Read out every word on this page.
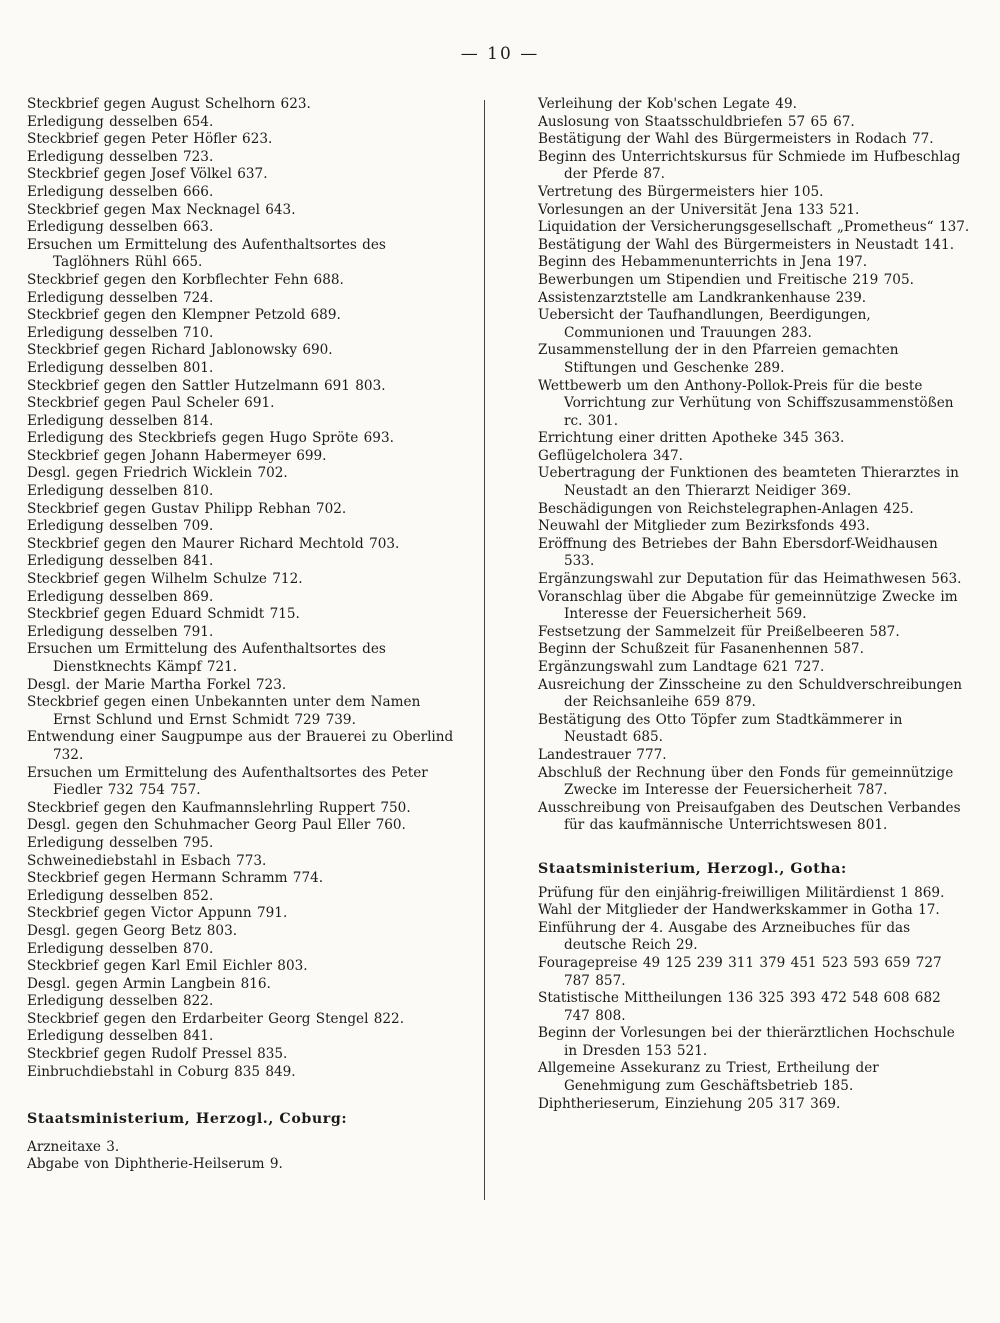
— 10 —
Steckbrief gegen August Schelhorn 623.
Erledigung desselben 654.
Steckbrief gegen Peter Höfler 623.
Erledigung desselben 723.
Steckbrief gegen Josef Völkel 637.
Erledigung desselben 666.
Steckbrief gegen Max Necknagel 643.
Erledigung desselben 663.
Ersuchen um Ermittelung des Aufenthaltsortes des Taglöhners Rühl 665.
Steckbrief gegen den Korbflechter Fehn 688.
Erledigung desselben 724.
Steckbrief gegen den Klempner Petzold 689.
Erledigung desselben 710.
Steckbrief gegen Richard Jablonowsky 690.
Erledigung desselben 801.
Steckbrief gegen den Sattler Hutzelmann 691 803.
Steckbrief gegen Paul Scheler 691.
Erledigung desselben 814.
Erledigung des Steckbriefs gegen Hugo Spröte 693.
Steckbrief gegen Johann Habermeyer 699.
Desgl. gegen Friedrich Wicklein 702.
Erledigung desselben 810.
Steckbrief gegen Gustav Philipp Rebhan 702.
Erledigung desselben 709.
Steckbrief gegen den Maurer Richard Mechtold 703.
Erledigung desselben 841.
Steckbrief gegen Wilhelm Schulze 712.
Erledigung desselben 869.
Steckbrief gegen Eduard Schmidt 715.
Erledigung desselben 791.
Ersuchen um Ermittelung des Aufenthaltsortes des Dienstknechts Kämpf 721.
Desgl. der Marie Martha Forkel 723.
Steckbrief gegen einen Unbekannten unter dem Namen Ernst Schlund und Ernst Schmidt 729 739.
Entwendung einer Saugpumpe aus der Brauerei zu Oberlind 732.
Ersuchen um Ermittelung des Aufenthaltsortes des Peter Fiedler 732 754 757.
Steckbrief gegen den Kaufmannslehrling Ruppert 750.
Desgl. gegen den Schuhmacher Georg Paul Eller 760.
Erledigung desselben 795.
Schweinediebstahl in Esbach 773.
Steckbrief gegen Hermann Schramm 774.
Erledigung desselben 852.
Steckbrief gegen Victor Appunn 791.
Desgl. gegen Georg Betz 803.
Erledigung desselben 870.
Steckbrief gegen Karl Emil Eichler 803.
Desgl. gegen Armin Langbein 816.
Erledigung desselben 822.
Steckbrief gegen den Erdarbeiter Georg Stengel 822.
Erledigung desselben 841.
Steckbrief gegen Rudolf Pressel 835.
Einbruchdiebstahl in Coburg 835 849.
Staatsministerium, Herzogl., Coburg:
Arzneitaxe 3.
Abgabe von Diphtherie-Heilserum 9.
Verleihung der Kob'schen Legate 49.
Auslosung von Staatsschuldbriefen 57 65 67.
Bestätigung der Wahl des Bürgermeisters in Rodach 77.
Beginn des Unterrichtskursus für Schmiede im Hufbeschlag der Pferde 87.
Vertretung des Bürgermeisters hier 105.
Vorlesungen an der Universität Jena 133 521.
Liquidation der Versicherungsgesellschaft „Prometheus“ 137.
Bestätigung der Wahl des Bürgermeisters in Neustadt 141.
Beginn des Hebammenunterrichts in Jena 197.
Bewerbungen um Stipendien und Freitische 219 705.
Assistenzarztstelle am Landkrankenhause 239.
Uebersicht der Taufhandlungen, Beerdigungen, Communionen und Trauungen 283.
Zusammenstellung der in den Pfarreien gemachten Stiftungen und Geschenke 289.
Wettbewerb um den Anthony-Pollok-Preis für die beste Vorrichtung zur Verhütung von Schiffszusammenstößen rc. 301.
Errichtung einer dritten Apotheke 345 363.
Geflügelcholera 347.
Uebertragung der Funktionen des beamteten Thierarztes in Neustadt an den Thierarzt Neidiger 369.
Beschädigungen von Reichstelegraphen-Anlagen 425.
Neuwahl der Mitglieder zum Bezirksfonds 493.
Eröffnung des Betriebes der Bahn Ebersdorf-Weidhausen 533.
Ergänzungswahl zur Deputation für das Heimathwesen 563.
Voranschlag über die Abgabe für gemeinnützige Zwecke im Interesse der Feuersicherheit 569.
Festsetzung der Sammelzeit für Preißelbeeren 587.
Beginn der Schußzeit für Fasanenhennen 587.
Ergänzungswahl zum Landtage 621 727.
Ausreichung der Zinsscheine zu den Schuldverschreibungen der Reichsanleihe 659 879.
Bestätigung des Otto Töpfer zum Stadtkämmerer in Neustadt 685.
Landestrauer 777.
Abschluß der Rechnung über den Fonds für gemeinnützige Zwecke im Interesse der Feuersicherheit 787.
Ausschreibung von Preisaufgaben des Deutschen Verbandes für das kaufmännische Unterrichtswesen 801.
Staatsministerium, Herzogl., Gotha:
Prüfung für den einjährig-freiwilligen Militärdienst 1 869.
Wahl der Mitglieder der Handwerkskammer in Gotha 17.
Einführung der 4. Ausgabe des Arzneibuches für das deutsche Reich 29.
Fouragepreise 49 125 239 311 379 451 523 593 659 727 787 857.
Statistische Mittheilungen 136 325 393 472 548 608 682 747 808.
Beginn der Vorlesungen bei der thierärztlichen Hochschule in Dresden 153 521.
Allgemeine Assekuranz zu Triest, Ertheilung der Genehmigung zum Geschäftsbetrieb 185.
Diphtherieserum, Einziehung 205 317 369.
